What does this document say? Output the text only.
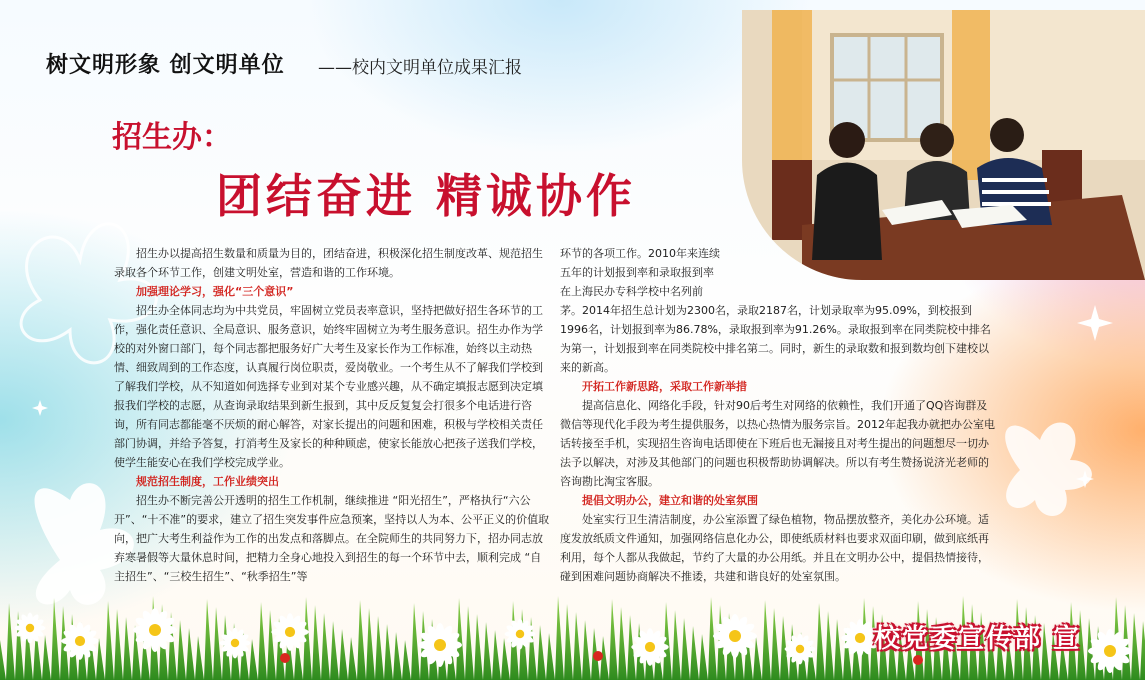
树文明形象 创文明单位 ——校内文明单位成果汇报
招生办：
团结奋进 精诚协作

招生办以提高招生数量和质量为目的，团结奋进，积极深化招生制度改革、规范招生录取各个环节工作，创建文明处室，营造和谐的工作环境。

加强理论学习，强化“三个意识”

招生办全体同志均为中共党员，牢固树立党员表率意识，坚持把做好招生各环节的工作，强化责任意识、全局意识、服务意识，始终牢固树立为考生服务意识。招生办作为学校的对外窗口部门，每个同志都把服务好广大考生及家长作为工作标准，始终以主动热情、细致周到的工作态度，认真履行岗位职责，爱岗敬业。一个考生从不了解我们学校到了解我们学校，从不知道如何选择专业到对某个专业感兴趣，从不确定填报志愿到决定填报我们学校的志愿，从查询录取结果到新生报到，其中反反复复会打很多个电话进行咨询，所有同志都能毫不厌烦的耐心解答，对家长提出的问题和困难，积极与学校相关责任部门协调，并给予答复，打消考生及家长的种种顾虑，使家长能放心把孩子送我们学校，使学生能安心在我们学校完成学业。

规范招生制度，工作业绩突出

招生办不断完善公开透明的招生工作机制，继续推进 “阳光招生”，严格执行“六公开”、“十不准”的要求，建立了招生突发事件应急预案，坚持以人为本、公平正义的价值取向，把广大考生利益作为工作的出发点和落脚点。在全院师生的共同努力下，招办同志放弃寒暑假等大量休息时间，把精力全身心地投入到招生的每一个环节中去，顺利完成 “自主招生”、“三校生招生”、“秋季招生”等

环节的各项工作。2010年来连续
五年的计划报到率和录取报到率
在上海民办专科学校中名列前
茅。2014年招生总计划为2300名，录取2187名，计划录取率为95.09%，到校报到1996名，计划报到率为86.78%，录取报到率为91.26%。录取报到率在同类院校中排名为第一，计划报到率在同类院校中排名第二。同时，新生的录取数和报到数均创下建校以来的新高。
开拓工作新思路，采取工作新举措

提高信息化、网络化手段，针对90后考生对网络的依赖性，我们开通了QQ咨询群及微信等现代化手段为考生提供服务，以热心热情为服务宗旨。2012年起我办就把办公室电话转接至手机，实现招生咨询电话即使在下班后也无漏接且对考生提出的问题想尽一切办法予以解决，对涉及其他部门的问题也积极帮助协调解决。所以有考生赞扬说济光老师的咨询勘比淘宝客服。

提倡文明办公，建立和谐的处室氛围

处室实行卫生清洁制度，办公室添置了绿色植物，物品摆放整齐，美化办公环境。适度发放纸质文件通知，加强网络信息化办公，即使纸质材料也要求双面印刷，做到底纸再利用，每个人都从我做起，节约了大量的办公用纸。并且在文明办公中，提倡热情接待，碰到困难问题协商解决不推诿，共建和谐良好的处室氛围。

校党委宣传部 宣
